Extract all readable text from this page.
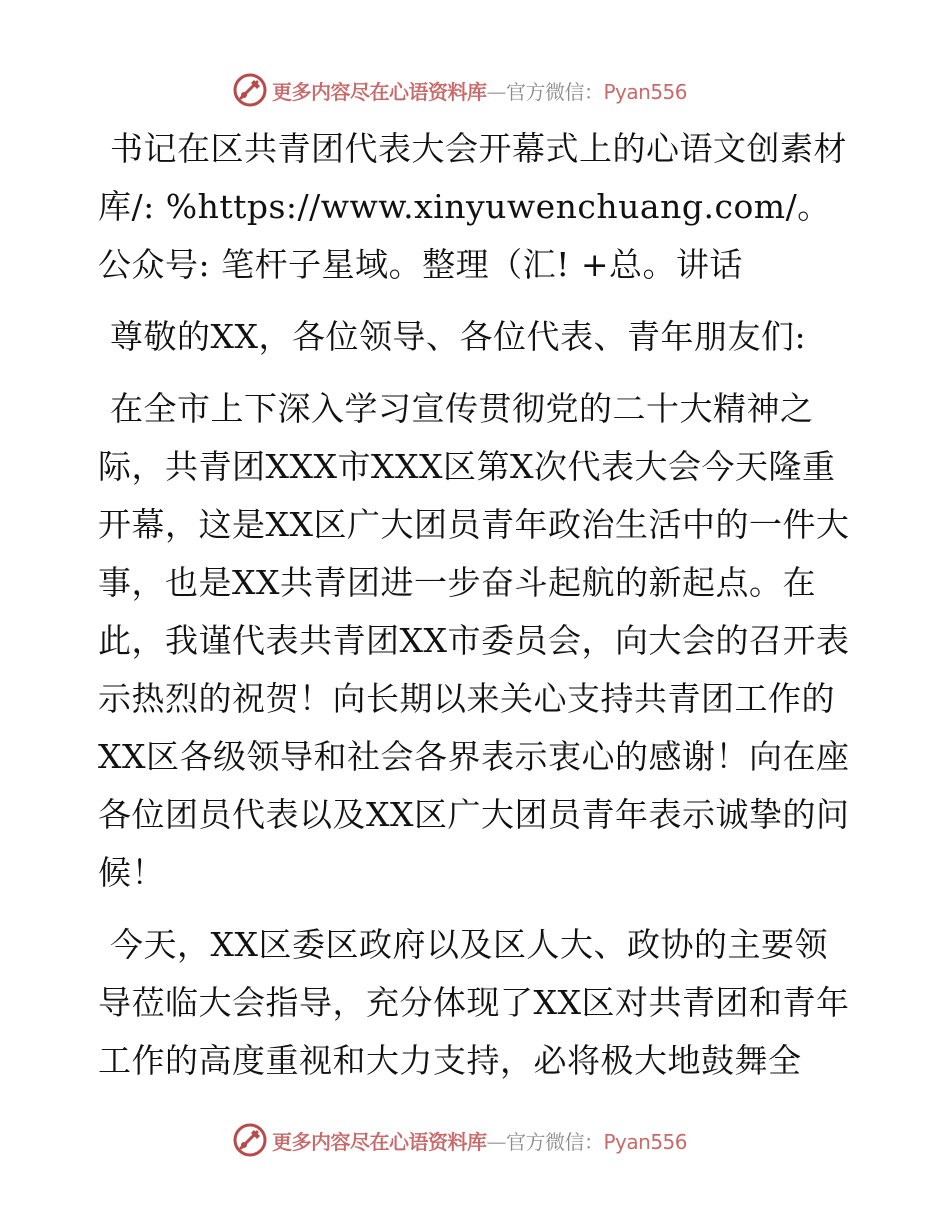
更多内容尽在心语资料库—官方微信：Pyan556

书记在区共青团代表大会开幕式上的心语文创素材库/: %https://www.xinyuwenchuang.com/。公众号: 笔杆子星域。整理（汇! +总。讲话

尊敬的XX，各位领导、各位代表、青年朋友们:

在全市上下深入学习宣传贯彻党的二十大精神之际，共青团XXX市XXX区第X次代表大会今天隆重开幕，这是XX区广大团员青年政治生活中的一件大事，也是XX共青团进一步奋斗起航的新起点。在此，我谨代表共青团XX市委员会，向大会的召开表示热烈的祝贺！向长期以来关心支持共青团工作的XX区各级领导和社会各界表示衷心的感谢！向在座各位团员代表以及XX区广大团员青年表示诚挚的问候！

今天，XX区委区政府以及区人大、政协的主要领导莅临大会指导，充分体现了XX区对共青团和青年工作的高度重视和大力支持，必将极大地鼓舞全

更多内容尽在心语资料库—官方微信：Pyan556
